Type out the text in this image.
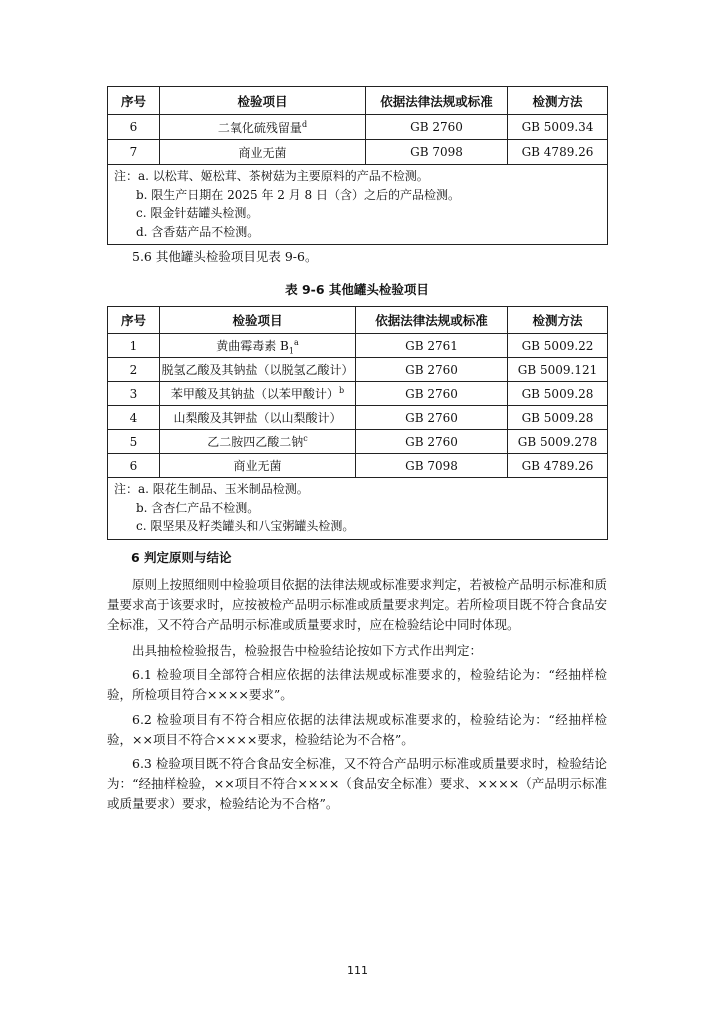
序号	检验项目	依据法律法规或标准	检测方法
6	二氧化硫残留量$^d$	GB 2760	GB 5009.34
7	商业无菌	GB 7098	GB 4789.26

注：a. 以松茸、姬松茸、茶树菇为主要原料的产品不检测。
b. 限生产日期在 2025 年 2 月 8 日（含）之后的产品检测。
c. 限金针菇罐头检测。
d. 含香菇产品不检测。			
5.6 其他罐头检验项目见表 9-6。
表 9-6 其他罐头检验项目
序号	检验项目	依据法律法规或标准	检测方法
1	黄曲霉毒素 $B_1^a$	GB 2761	GB 5009.22
2	脱氢乙酸及其钠盐（以脱氢乙酸计）	GB 2760	GB 5009.121
3	苯甲酸及其钠盐（以苯甲酸计）$^b$	GB 2760	GB 5009.28
4	山梨酸及其钾盐（以山梨酸计）	GB 2760	GB 5009.28
5	乙二胺四乙酸二钠$^c$	GB 2760	GB 5009.278
6	商业无菌	GB 7098	GB 4789.26

注：a. 限花生制品、玉米制品检测。
b. 含杏仁产品不检测。
c. 限坚果及籽类罐头和八宝粥罐头检测。			
6 判定原则与结论
原则上按照细则中检验项目依据的法律法规或标准要求判定，若被检产品明示标准和质量要求高于该要求时，应按被检产品明示标准或质量要求判定。若所检项目既不符合食品安全标准，又不符合产品明示标准或质量要求时，应在检验结论中同时体现。
出具抽检检验报告，检验报告中检验结论按如下方式作出判定：
6.1 检验项目全部符合相应依据的法律法规或标准要求的，检验结论为：“经抽样检验，所检项目符合××××要求”。
6.2 检验项目有不符合相应依据的法律法规或标准要求的，检验结论为：“经抽样检验，××项目不符合××××要求，检验结论为不合格”。
6.3 检验项目既不符合食品安全标准，又不符合产品明示标准或质量要求时，检验结论为：“经抽样检验，××项目不符合××××（食品安全标准）要求、××××（产品明示标准或质量要求）要求，检验结论为不合格”。
111
